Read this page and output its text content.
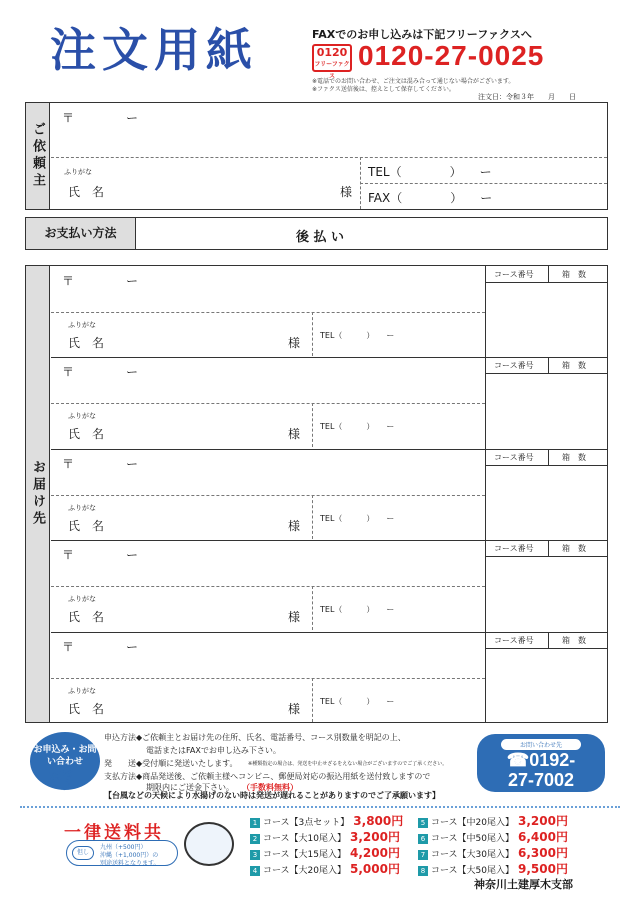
注文用紙	FAXでのお申し込みは下記フリーファクスへ
0120
フリーファクス
0120-27-0025
※電話でのお問い合わせ、ご注文は混み合って通じない場合がございます。
※ファクス送信後は、控えとして保存してください。
注文日：令和３年　　月　　日
ご依頼主
〒	ー
ふりがな
氏　名	様
TEL（　　　　）　　ー
FAX（　　　　）　　ー
お支払い方法	後 払 い
お届け先
コース番号	箱　数
〒	ー
ふりがな
氏　名	様
TEL（　　　）　　ー
コース番号	箱　数
〒	ー
ふりがな
氏　名	様
TEL（　　　）　　ー
コース番号	箱　数
〒	ー
ふりがな
氏　名	様
TEL（　　　）　　ー
コース番号	箱　数
〒	ー
ふりがな
氏　名	様
TEL（　　　）　　ー
コース番号	箱　数
〒	ー
ふりがな
氏　名	様
TEL（　　　）　　ー
お申込み・お問い合わせ
🕊
申込方法◆ご依頼主とお届け先の住所、氏名、電話番号、コース別数量を明記の上、
電話またはFAXでお申し込み下さい。
発　　送◆受付順に発送いたします。 ※種類指定の場合は、発送を中止せざるをえない場合がございますのでご了承ください。
支払方法◆商品発送後、ご依頼主様へコンビニ、郵便局対応の振込用紙を送付致しますので
期限内にご送金下さい。 （手数料無料）
【台風などの天候により水揚げのない時は発送が遅れることがありますのでご了承願います】
お問い合わせ先
☎0192-
27-7002
一律送料共
但し
九州（+500円）
沖縄（+1,000円）の
別途送料となります。
1 コース【3点セット】 3,800円
2 コース【大10尾入】 3,200円
3 コース【大15尾入】 4,200円
4 コース【大20尾入】 5,000円
5 コース【中20尾入】 3,200円
6 コース【中50尾入】 6,400円
7 コース【大30尾入】 6,300円
8 コース【大50尾入】 9,500円
神奈川土建厚木支部
